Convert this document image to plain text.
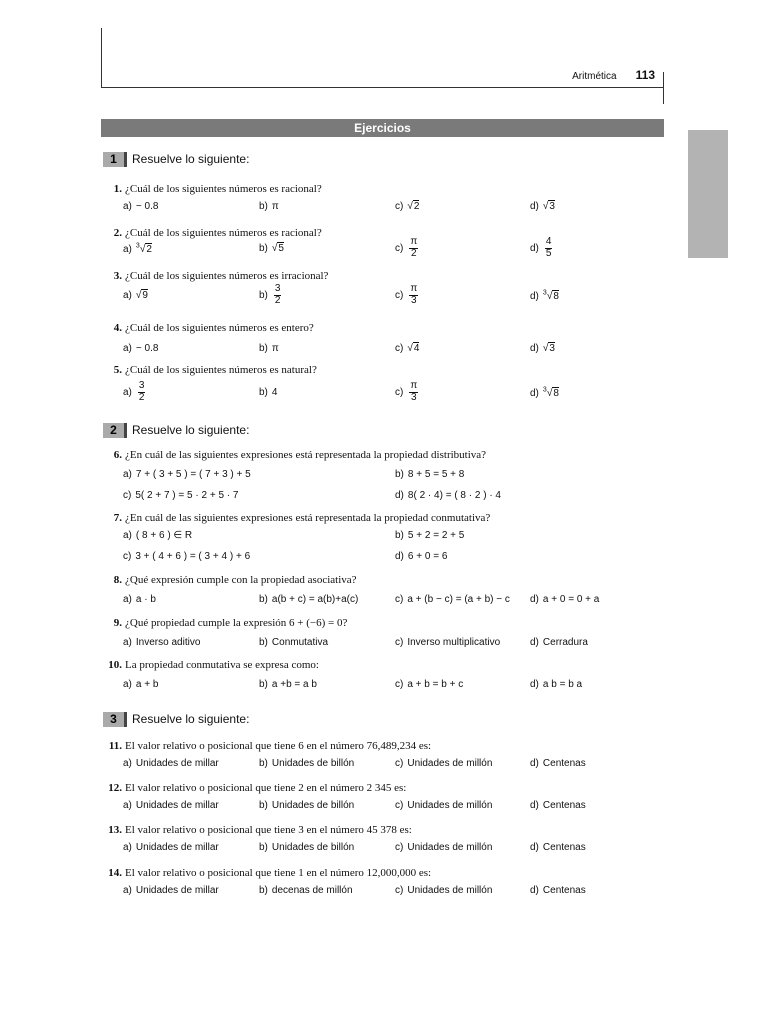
Aritmética 113
Ejercicios
1 Resuelve lo siguiente:
2 Resuelve lo siguiente:
3 Resuelve lo siguiente:
1. ¿Cuál de los siguientes números es racional?
a) − 0.8	b) π	c) √2	d) √3
2. ¿Cuál de los siguientes números es racional?
a) $^3$√2	b) √5	$c) \frac{\pi}{2}$	$d) \frac{4}{5}$
3. ¿Cuál de los siguientes números es irracional?
a) √9	$b) \frac{3}{2}$	$c) \frac{\pi}{3}$	d) $^3$√8
4. ¿Cuál de los siguientes números es entero?
a) − 0.8	b) π	c) √4	d) √3
5. ¿Cuál de los siguientes números es natural?
$a) \frac{3}{2}$	b) 4	$c) \frac{\pi}{3}$	d) $^3$√8
6. ¿En cuál de las siguientes expresiones está representada la propiedad distributiva?
a) 7 + ( 3 + 5 ) = ( 7 + 3 ) + 5	b) 8 + 5 = 5 + 8
c) 5( 2 + 7 ) = 5 · 2 + 5 · 7	d) 8( 2 · 4) = ( 8 · 2 ) · 4
7. ¿En cuál de las siguientes expresiones está representada la propiedad conmutativa?
a) ( 8 + 6 ) ∈ R	b) 5 + 2 = 2 + 5
c) 3 + ( 4 + 6 ) = ( 3 + 4 ) + 6	d) 6 + 0 = 6
8. ¿Qué expresión cumple con la propiedad asociativa?
a) a · b	b) a(b + c) = a(b)+a(c)	c) a + (b − c) = (a + b) − c d) a + 0 = 0 + a
9. ¿Qué propiedad cumple la expresión 6 + (−6) = 0?
a) Inverso aditivo	b) Conmutativa	c) Inverso multiplicativo	d) Cerradura
10. La propiedad conmutativa se expresa como:
a) a + b	b) a +b = a b	c) a + b = b + c	d) a b = b a
11. El valor relativo o posicional que tiene 6 en el número 76,489,234 es:
a) Unidades de millar	b) Unidades de billón	c) Unidades de millón	d) Centenas
12. El valor relativo o posicional que tiene 2 en el número 2 345 es:
a) Unidades de millar	b) Unidades de billón	c) Unidades de millón	d) Centenas
13. El valor relativo o posicional que tiene 3 en el número 45 378 es:
a) Unidades de millar	b) Unidades de billón	c) Unidades de millón	d) Centenas
14. El valor relativo o posicional que tiene 1 en el número 12,000,000 es:
a) Unidades de millar	b) decenas de millón	c) Unidades de millón	d) Centenas
